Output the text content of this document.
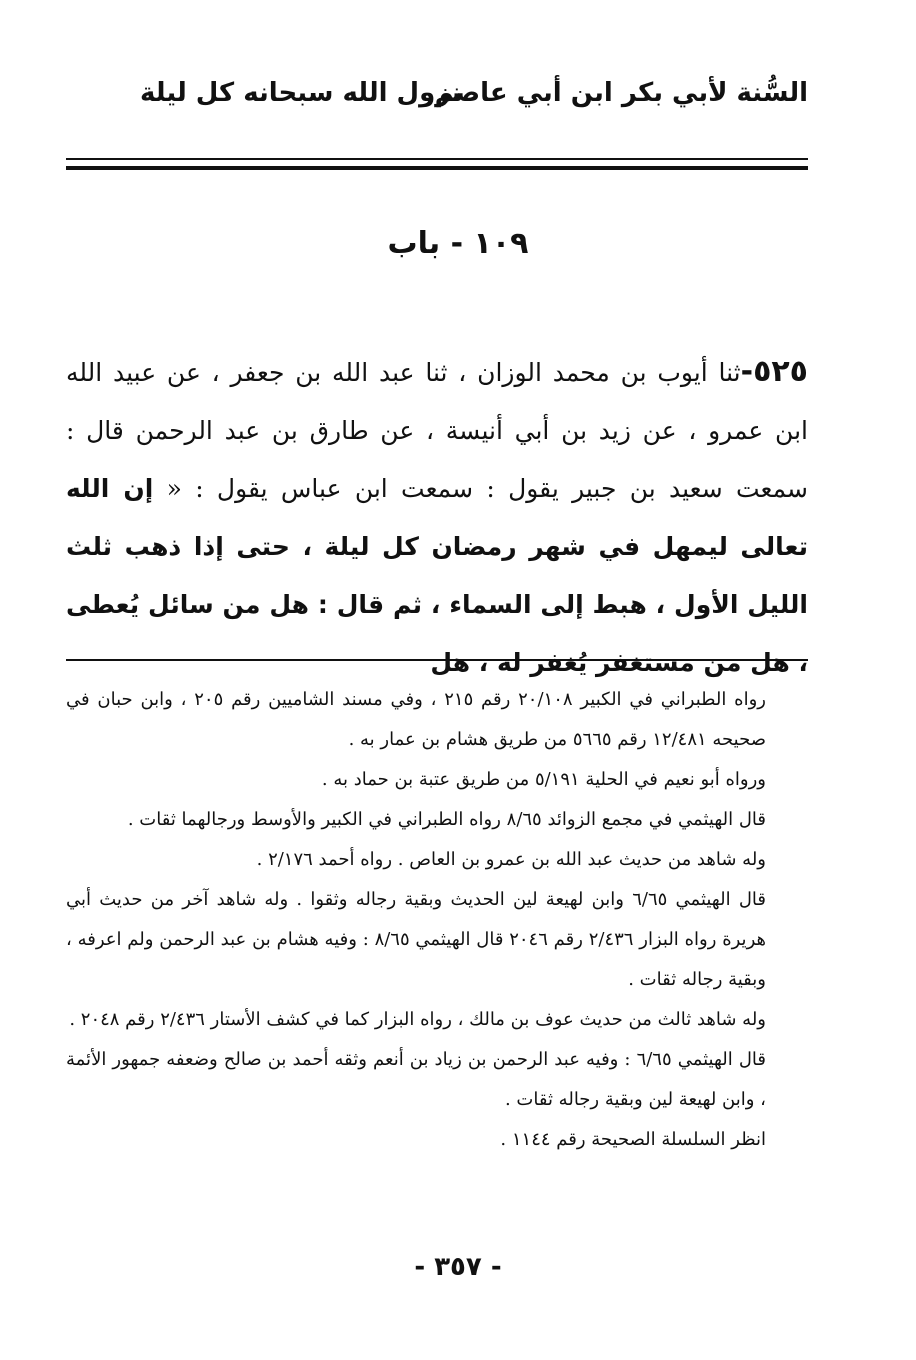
السُّنة لأبي بكر ابن أبي عاصم
نزول الله سبحانه كل ليلة
١٠٩ - باب

٥٢٥-ثنا أيوب بن محمد الوزان ، ثنا عبد الله بن جعفر ، عن عبيد الله ابن عمرو ، عن زيد بن أبي أنيسة ، عن طارق بن عبد الرحمن قال : سمعت سعيد بن جبير يقول : سمعت ابن عباس يقول : « إن الله تعالى ليمهل في شهر رمضان كل ليلة ، حتى إذا ذهب ثلث الليل الأول ، هبط إلى السماء ، ثم قال : هل من سائل يُعطى ، هل من مستغفر يُغفر له ، هل

رواه الطبراني في الكبير ٢٠/١٠٨ رقم ٢١٥ ، وفي مسند الشاميين رقم ٢٠٥ ، وابن حبان في صحيحه ١٢/٤٨١ رقم ٥٦٦٥ من طريق هشام بن عمار به .

ورواه أبو نعيم في الحلية ٥/١٩١ من طريق عتبة بن حماد به .

قال الهيثمي في مجمع الزوائد ٨/٦٥ رواه الطبراني في الكبير والأوسط ورجالهما ثقات .

وله شاهد من حديث عبد الله بن عمرو بن العاص . رواه أحمد ٢/١٧٦ .

قال الهيثمي ٦/٦٥ وابن لهيعة لين الحديث وبقية رجاله وثقوا . وله شاهد آخر من حديث أبي هريرة رواه البزار ٢/٤٣٦ رقم ٢٠٤٦ قال الهيثمي ٨/٦٥ : وفيه هشام بن عبد الرحمن ولم اعرفه ، وبقية رجاله ثقات .

وله شاهد ثالث من حديث عوف بن مالك ، رواه البزار كما في كشف الأستار ٢/٤٣٦ رقم ٢٠٤٨ .

قال الهيثمي ٦/٦٥ : وفيه عبد الرحمن بن زياد بن أنعم وثقه أحمد بن صالح وضعفه جمهور الأئمة ، وابن لهيعة لين وبقية رجاله ثقات .

انظر السلسلة الصحيحة رقم ١١٤٤ .

- ٣٥٧ -
